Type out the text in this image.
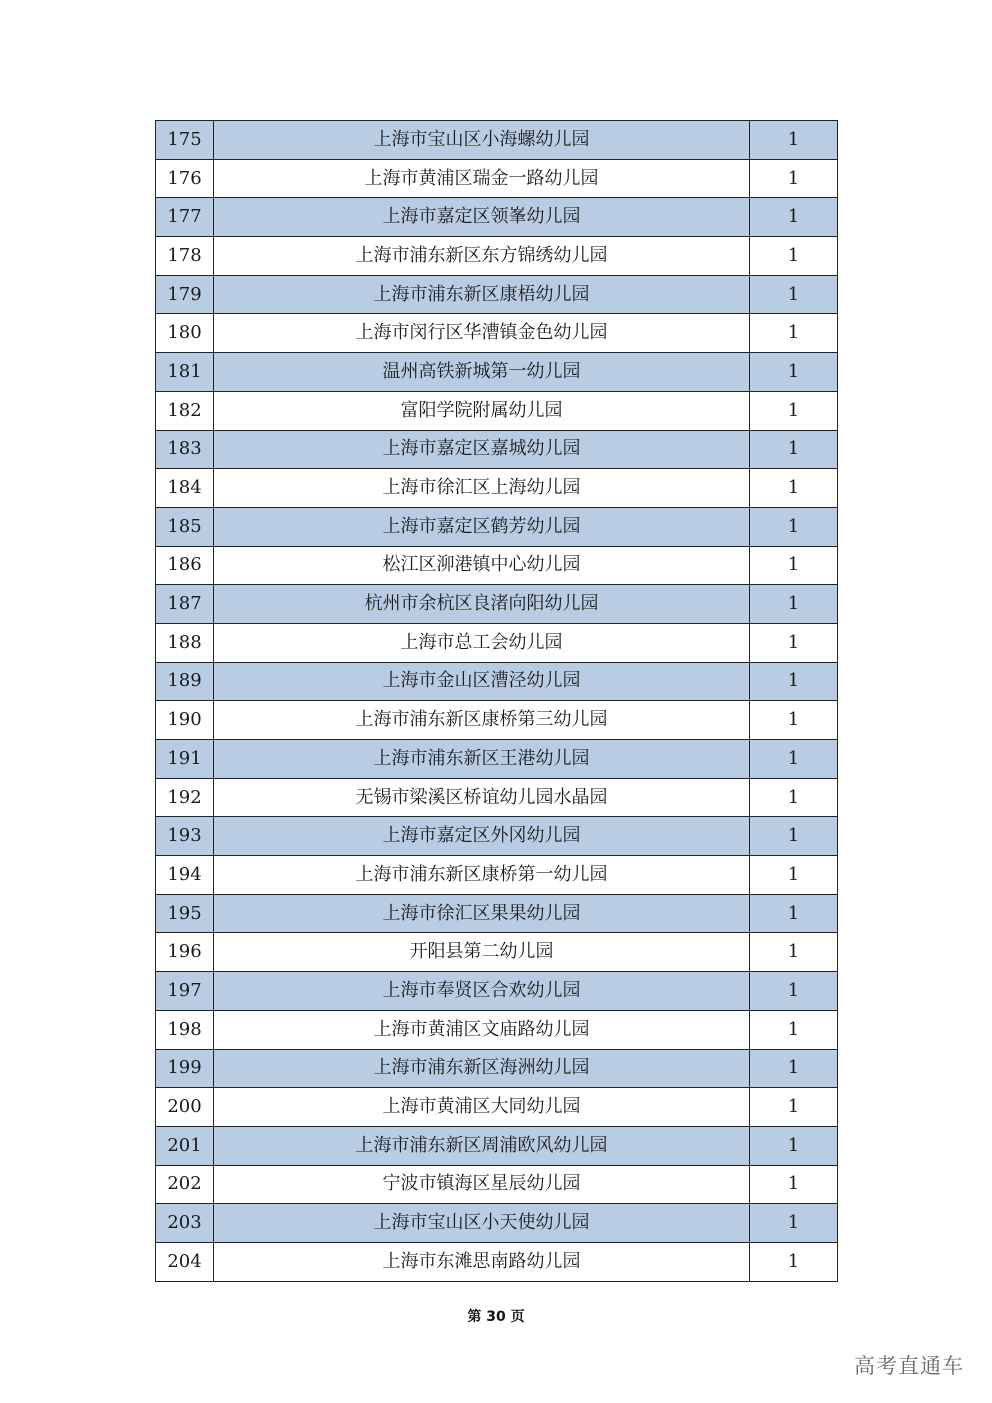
175	上海市宝山区小海螺幼儿园	1
176	上海市黄浦区瑞金一路幼儿园	1
177	上海市嘉定区领峯幼儿园	1
178	上海市浦东新区东方锦绣幼儿园	1
179	上海市浦东新区康梧幼儿园	1
180	上海市闵行区华漕镇金色幼儿园	1
181	温州高铁新城第一幼儿园	1
182	富阳学院附属幼儿园	1
183	上海市嘉定区嘉城幼儿园	1
184	上海市徐汇区上海幼儿园	1
185	上海市嘉定区鹤芳幼儿园	1
186	松江区泖港镇中心幼儿园	1
187	杭州市余杭区良渚向阳幼儿园	1
188	上海市总工会幼儿园	1
189	上海市金山区漕泾幼儿园	1
190	上海市浦东新区康桥第三幼儿园	1
191	上海市浦东新区王港幼儿园	1
192	无锡市梁溪区桥谊幼儿园水晶园	1
193	上海市嘉定区外冈幼儿园	1
194	上海市浦东新区康桥第一幼儿园	1
195	上海市徐汇区果果幼儿园	1
196	开阳县第二幼儿园	1
197	上海市奉贤区合欢幼儿园	1
198	上海市黄浦区文庙路幼儿园	1
199	上海市浦东新区海洲幼儿园	1
200	上海市黄浦区大同幼儿园	1
201	上海市浦东新区周浦欧风幼儿园	1
202	宁波市镇海区星辰幼儿园	1
203	上海市宝山区小天使幼儿园	1
204	上海市东滩思南路幼儿园	1
第 30 页
高考直通车
